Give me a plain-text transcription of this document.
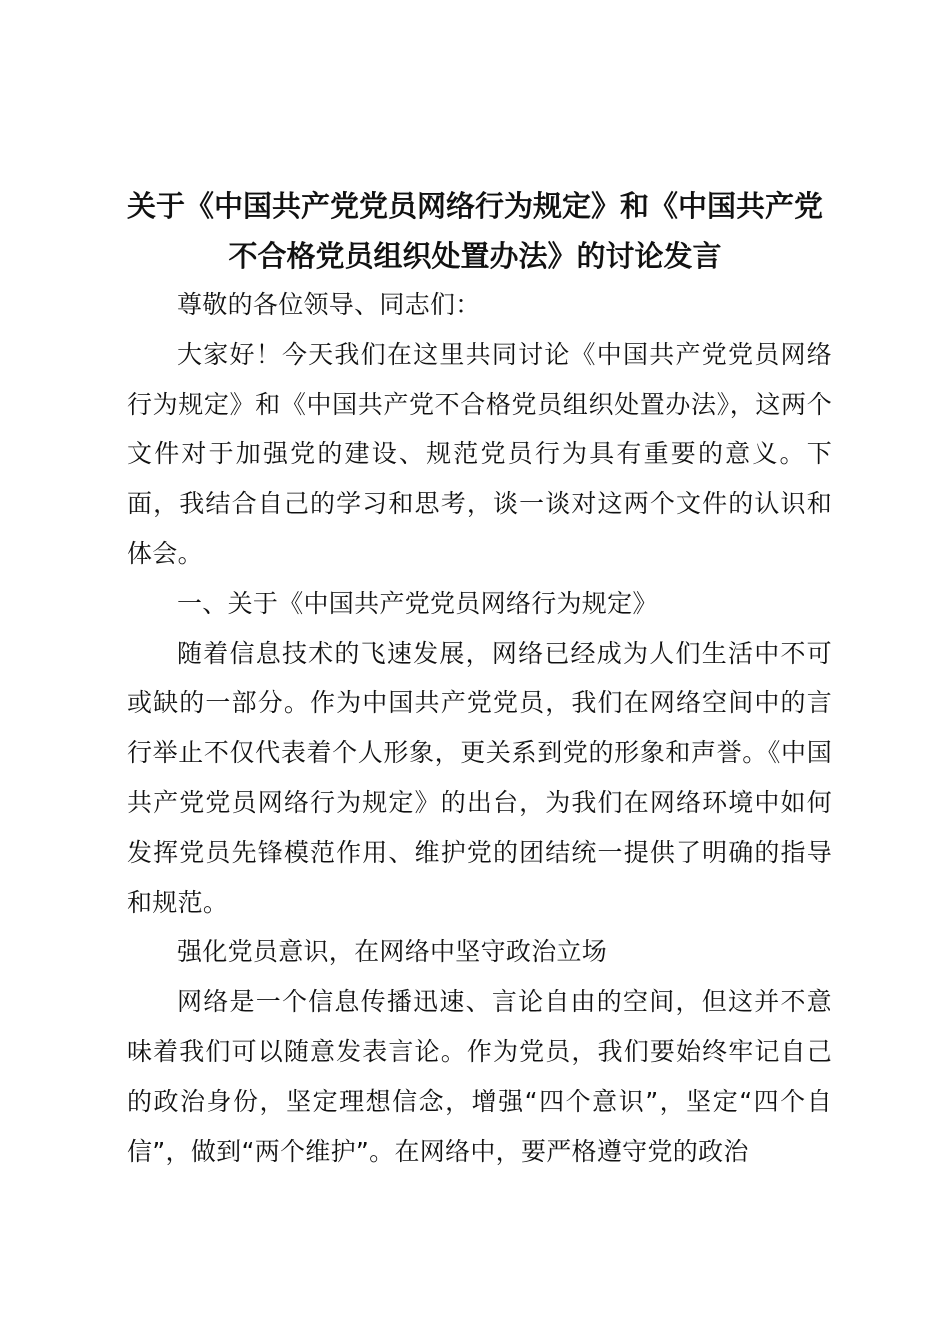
关于《中国共产党党员网络行为规定》和《中国共产党
不合格党员组织处置办法》的讨论发言

尊敬的各位领导、同志们：

大家好！今天我们在这里共同讨论《中国共产党党员网络行为规定》和《中国共产党不合格党员组织处置办法》，这两个文件对于加强党的建设、规范党员行为具有重要的意义。下面，我结合自己的学习和思考，谈一谈对这两个文件的认识和体会。

一、关于《中国共产党党员网络行为规定》

随着信息技术的飞速发展，网络已经成为人们生活中不可或缺的一部分。作为中国共产党党员，我们在网络空间中的言行举止不仅代表着个人形象，更关系到党的形象和声誉。《中国共产党党员网络行为规定》的出台，为我们在网络环境中如何发挥党员先锋模范作用、维护党的团结统一提供了明确的指导和规范。

强化党员意识，在网络中坚守政治立场

网络是一个信息传播迅速、言论自由的空间，但这并不意味着我们可以随意发表言论。作为党员，我们要始终牢记自己的政治身份，坚定理想信念，增强“四个意识”，坚定“四个自信”，做到“两个维护”。在网络中，要严格遵守党的政治
